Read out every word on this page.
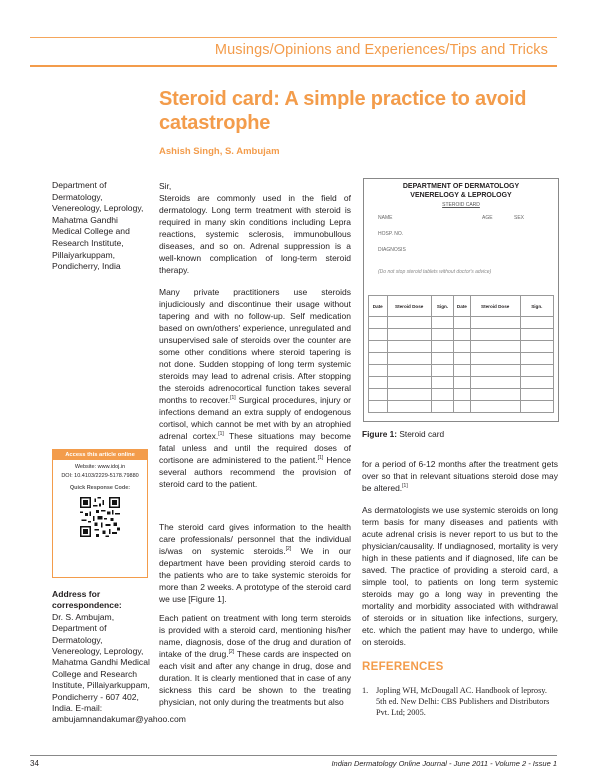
Musings/Opinions and Experiences/Tips and Tricks
Steroid card: A simple practice to avoid catastrophe
Ashish Singh, S. Ambujam
Department of Dermatology, Venereology, Leprology, Mahatma Gandhi Medical College and Research Institute, Pillaiyarkuppam, Pondicherry, India
Access this article online
Website: www.idoj.in
DOI: 10.4103/2229-5178.79880
Quick Response Code:
Address for correspondence:
Dr. S. Ambujam, Department of Dermatology, Venereology, Leprology, Mahatma Gandhi Medical College and Research Institute, Pillaiyarkuppam, Pondicherry - 607 402, India. E-mail: ambujamnandakumar@yahoo.com

Sir,

Steroids are commonly used in the field of dermatology. Long term treatment with steroid is required in many skin conditions including Lepra reactions, systemic sclerosis, immunobullous diseases, and so on. Adrenal suppression is a well-known complication of long-term steroid therapy.

Many private practitioners use steroids injudiciously and discontinue their usage without tapering and with no follow-up. Self medication based on own/others' experience, unregulated and unsupervised sale of steroids over the counter are some other conditions where steroid tapering is not done. Sudden stopping of long term systemic steroids may lead to adrenal crisis. After stopping the steroids adrenocortical function takes several months to recover.[1] Surgical procedures, injury or infections demand an extra supply of endogenous cortisol, which cannot be met with by an atrophied adrenal cortex.[1] These situations may become fatal unless and until the required doses of cortisone are administered to the patient.[1] Hence several authors recommend the provision of steroid card to the patient.

The steroid card gives information to the health care professionals/ personnel that the individual is/was on systemic steroids.[2] We in our department have been providing steroid cards to the patients who are to take systemic steroids for more than 2 weeks. A prototype of the steroid card we use [Figure 1].

Each patient on treatment with long term steroids is provided with a steroid card, mentioning his/her name, diagnosis, dose of the drug and duration of intake of the drug.[2] These cards are inspected on each visit and after any change in drug, dose and duration. It is clearly mentioned that in case of any sickness this card be shown to the treating physician, not only during the treatments but also

DEPARTMENT OF DERMATOLOGY
VENERELOGY & LEPROLOGY
STEROID CARD
NAME	AGE	SEX
HOSP. NO.
DIAGNOSIS
(Do not stop steroid tablets without doctor's advice)
Date	Steroid Dose	Sign.	Date	Steroid Dose	Sign.

Figure 1: Steroid card

for a period of 6-12 months after the treatment gets over so that in relevant situations steroid dose may be altered.[1]

As dermatologists we use systemic steroids on long term basis for many diseases and patients with acute adrenal crisis is never report to us but to the physician/causality. If undiagnosed, mortality is very high in these patients and if diagnosed, life can be saved. The practice of providing a steroid card, a simple tool, to patients on long term systemic steroids may go a long way in preventing the mortality and morbidity associated with withdrawal of steroids or in situation like infections, surgery, etc. which the patient may have to undergo, while on steroids.

REFERENCES
1. Jopling WH, McDougall AC. Handbook of leprosy. 5th ed. New Delhi: CBS Publishers and Distributors Pvt. Ltd; 2005.
34	Indian Dermatology Online Journal - June 2011 - Volume 2 - Issue 1
